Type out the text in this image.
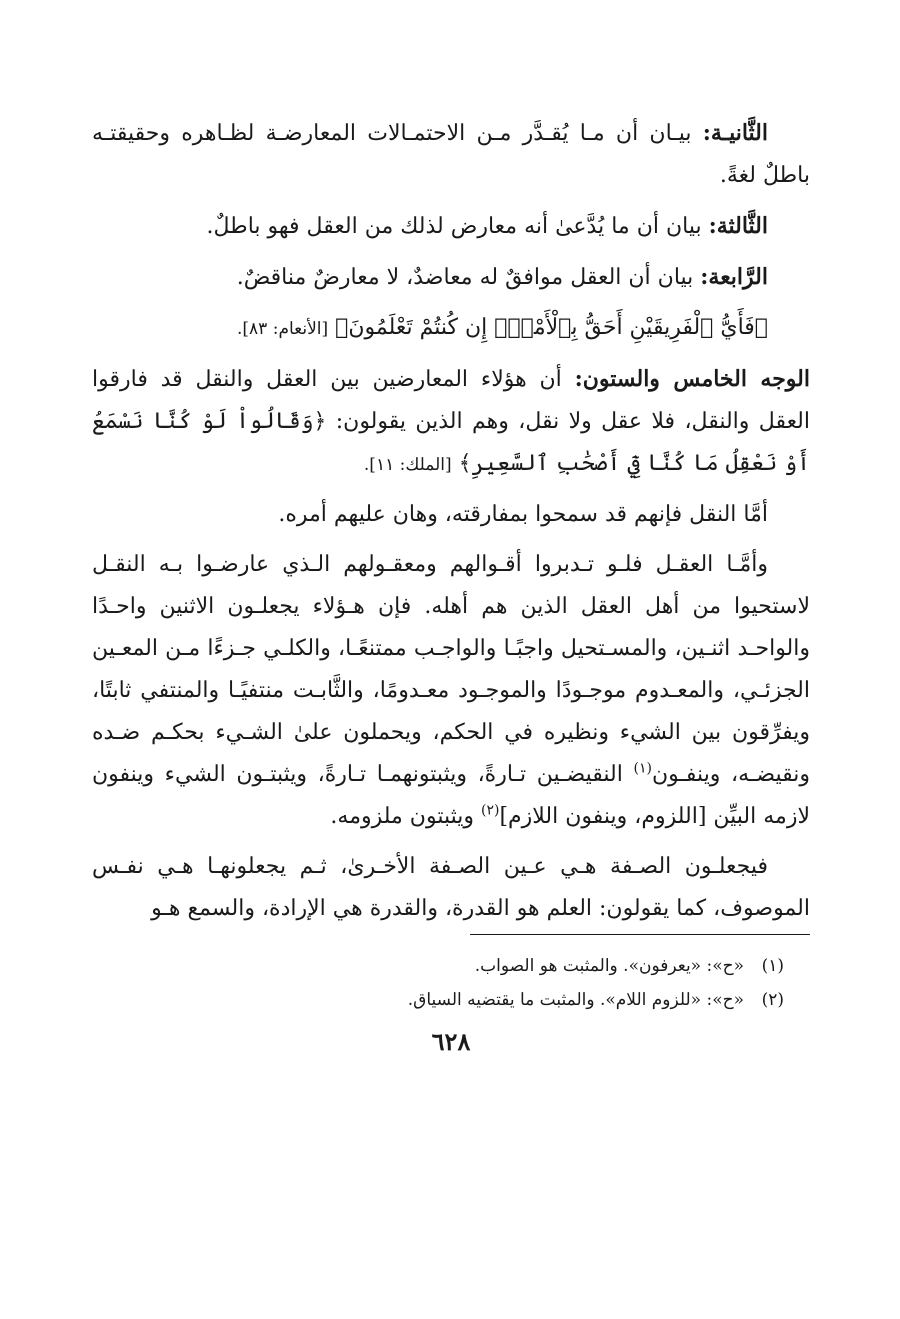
الثَّانيـة: بيـان أن مـا يُقـدَّر مـن الاحتمـالات المعارضـة لظـاهره وحقيقتـه باطلٌ لغةً.

الثَّالثة: بيان أن ما يُدَّعىٰ أنه معارض لذلك من العقل فهو باطلٌ.

الرَّابعة: بيان أن العقل موافقٌ له معاضدٌ، لا معارضٌ مناقضٌ.

﴿فَأَيُّ ٱلْفَرِيقَيْنِ أَحَقُّ بِٱلْأَمْنِۖ إِن كُنتُمْ تَعْلَمُونَ﴾ [الأنعام: ٨٣].

الوجه الخامس والستون: أن هؤلاء المعارضين بين العقل والنقل قد فارقوا العقل والنقل، فلا عقل ولا نقل، وهم الذين يقولون: ﴿وَقَالُواْ لَوْ كُنَّا نَسْمَعُ أَوْ نَعْقِلُ مَا كُنَّا فِيٓ أَصْحَٰبِ ٱلسَّعِيرِ﴾ [الملك: ١١].

أمَّا النقل فإنهم قد سمحوا بمفارقته، وهان عليهم أمره.

وأمَّـا العقـل فلـو تـدبروا أقـوالهم ومعقـولهم الـذي عارضـوا بـه النقـل لاستحيوا من أهل العقل الذين هم أهله. فإن هـؤلاء يجعلـون الاثنين واحـدًا والواحـد اثنـين، والمسـتحيل واجبًـا والواجـب ممتنعًـا، والكلـي جـزءًا مـن المعـين الجزئـي، والمعـدوم موجـودًا والموجـود معـدومًا، والثَّابـت منتفيًـا والمنتفي ثابتًا، ويفرِّقون بين الشيء ونظيره في الحكم، ويحملون علىٰ الشـيء بحكـم ضـده ونقيضـه، وينفـون$^{(١)}$ النقيضـين تـارةً، ويثبتونهمـا تـارةً، ويثبتـون الشيء وينفون لازمه البيِّن [اللزوم، وينفون اللازم]$^{(٢)}$ ويثبتون ملزومه.

فيجعلـون الصـفة هـي عـين الصـفة الأخـرىٰ، ثـم يجعلونهـا هـي نفـس الموصوف، كما يقولون: العلم هو القدرة، والقدرة هي الإرادة، والسمع هـو

(١)«ح»: «يعرفون». والمثبت هو الصواب.
(٢)«ح»: «للزوم اللام». والمثبت ما يقتضيه السياق.
٦٢٨
